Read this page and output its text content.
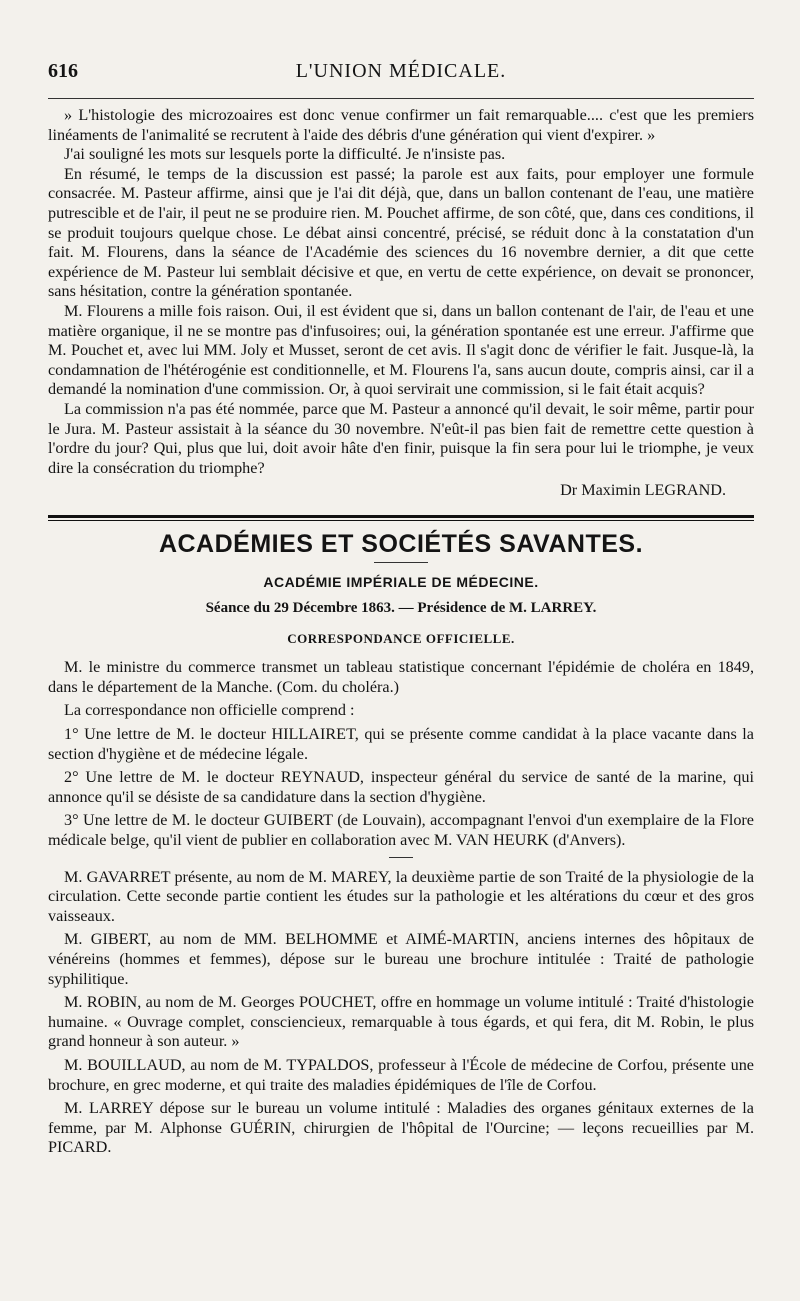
616	L'UNION MÉDICALE.

» L'histologie des microzoaires est donc venue confirmer un fait remarquable.... c'est que les premiers linéaments de l'animalité se recrutent à l'aide des débris d'une génération qui vient d'expirer. »

J'ai souligné les mots sur lesquels porte la difficulté. Je n'insiste pas.

En résumé, le temps de la discussion est passé; la parole est aux faits, pour employer une formule consacrée. M. Pasteur affirme, ainsi que je l'ai dit déjà, que, dans un ballon contenant de l'eau, une matière putrescible et de l'air, il peut ne se produire rien. M. Pouchet affirme, de son côté, que, dans ces conditions, il se produit toujours quelque chose. Le débat ainsi concentré, précisé, se réduit donc à la constatation d'un fait. M. Flourens, dans la séance de l'Académie des sciences du 16 novembre dernier, a dit que cette expérience de M. Pasteur lui semblait décisive et que, en vertu de cette expérience, on devait se prononcer, sans hésitation, contre la génération spontanée.

M. Flourens a mille fois raison. Oui, il est évident que si, dans un ballon contenant de l'air, de l'eau et une matière organique, il ne se montre pas d'infusoires; oui, la génération spontanée est une erreur. J'affirme que M. Pouchet et, avec lui MM. Joly et Musset, seront de cet avis. Il s'agit donc de vérifier le fait. Jusque-là, la condamnation de l'hétérogénie est conditionnelle, et M. Flourens l'a, sans aucun doute, compris ainsi, car il a demandé la nomination d'une commission. Or, à quoi servirait une commission, si le fait était acquis?

La commission n'a pas été nommée, parce que M. Pasteur a annoncé qu'il devait, le soir même, partir pour le Jura. M. Pasteur assistait à la séance du 30 novembre. N'eût-il pas bien fait de remettre cette question à l'ordre du jour? Qui, plus que lui, doit avoir hâte d'en finir, puisque la fin sera pour lui le triomphe, je veux dire la consécration du triomphe?

Dr Maximin LEGRAND.

ACADÉMIES ET SOCIÉTÉS SAVANTES.
ACADÉMIE IMPÉRIALE DE MÉDECINE.
Séance du 29 Décembre 1863. — Présidence de M. LARREY.
CORRESPONDANCE OFFICIELLE.

M. le ministre du commerce transmet un tableau statistique concernant l'épidémie de choléra en 1849, dans le département de la Manche. (Com. du choléra.)

La correspondance non officielle comprend :

1° Une lettre de M. le docteur HILLAIRET, qui se présente comme candidat à la place vacante dans la section d'hygiène et de médecine légale.

2° Une lettre de M. le docteur REYNAUD, inspecteur général du service de santé de la marine, qui annonce qu'il se désiste de sa candidature dans la section d'hygiène.

3° Une lettre de M. le docteur GUIBERT (de Louvain), accompagnant l'envoi d'un exemplaire de la Flore médicale belge, qu'il vient de publier en collaboration avec M. VAN HEURK (d'Anvers).

M. GAVARRET présente, au nom de M. MAREY, la deuxième partie de son Traité de la physiologie de la circulation. Cette seconde partie contient les études sur la pathologie et les altérations du cœur et des gros vaisseaux.

M. GIBERT, au nom de MM. BELHOMME et AIMÉ-MARTIN, anciens internes des hôpitaux de vénéreins (hommes et femmes), dépose sur le bureau une brochure intitulée : Traité de pathologie syphilitique.

M. ROBIN, au nom de M. Georges POUCHET, offre en hommage un volume intitulé : Traité d'histologie humaine. « Ouvrage complet, consciencieux, remarquable à tous égards, et qui fera, dit M. Robin, le plus grand honneur à son auteur. »

M. BOUILLAUD, au nom de M. TYPALDOS, professeur à l'École de médecine de Corfou, présente une brochure, en grec moderne, et qui traite des maladies épidémiques de l'île de Corfou.

M. LARREY dépose sur le bureau un volume intitulé : Maladies des organes génitaux externes de la femme, par M. Alphonse GUÉRIN, chirurgien de l'hôpital de l'Ourcine; — leçons recueillies par M. PICARD.
